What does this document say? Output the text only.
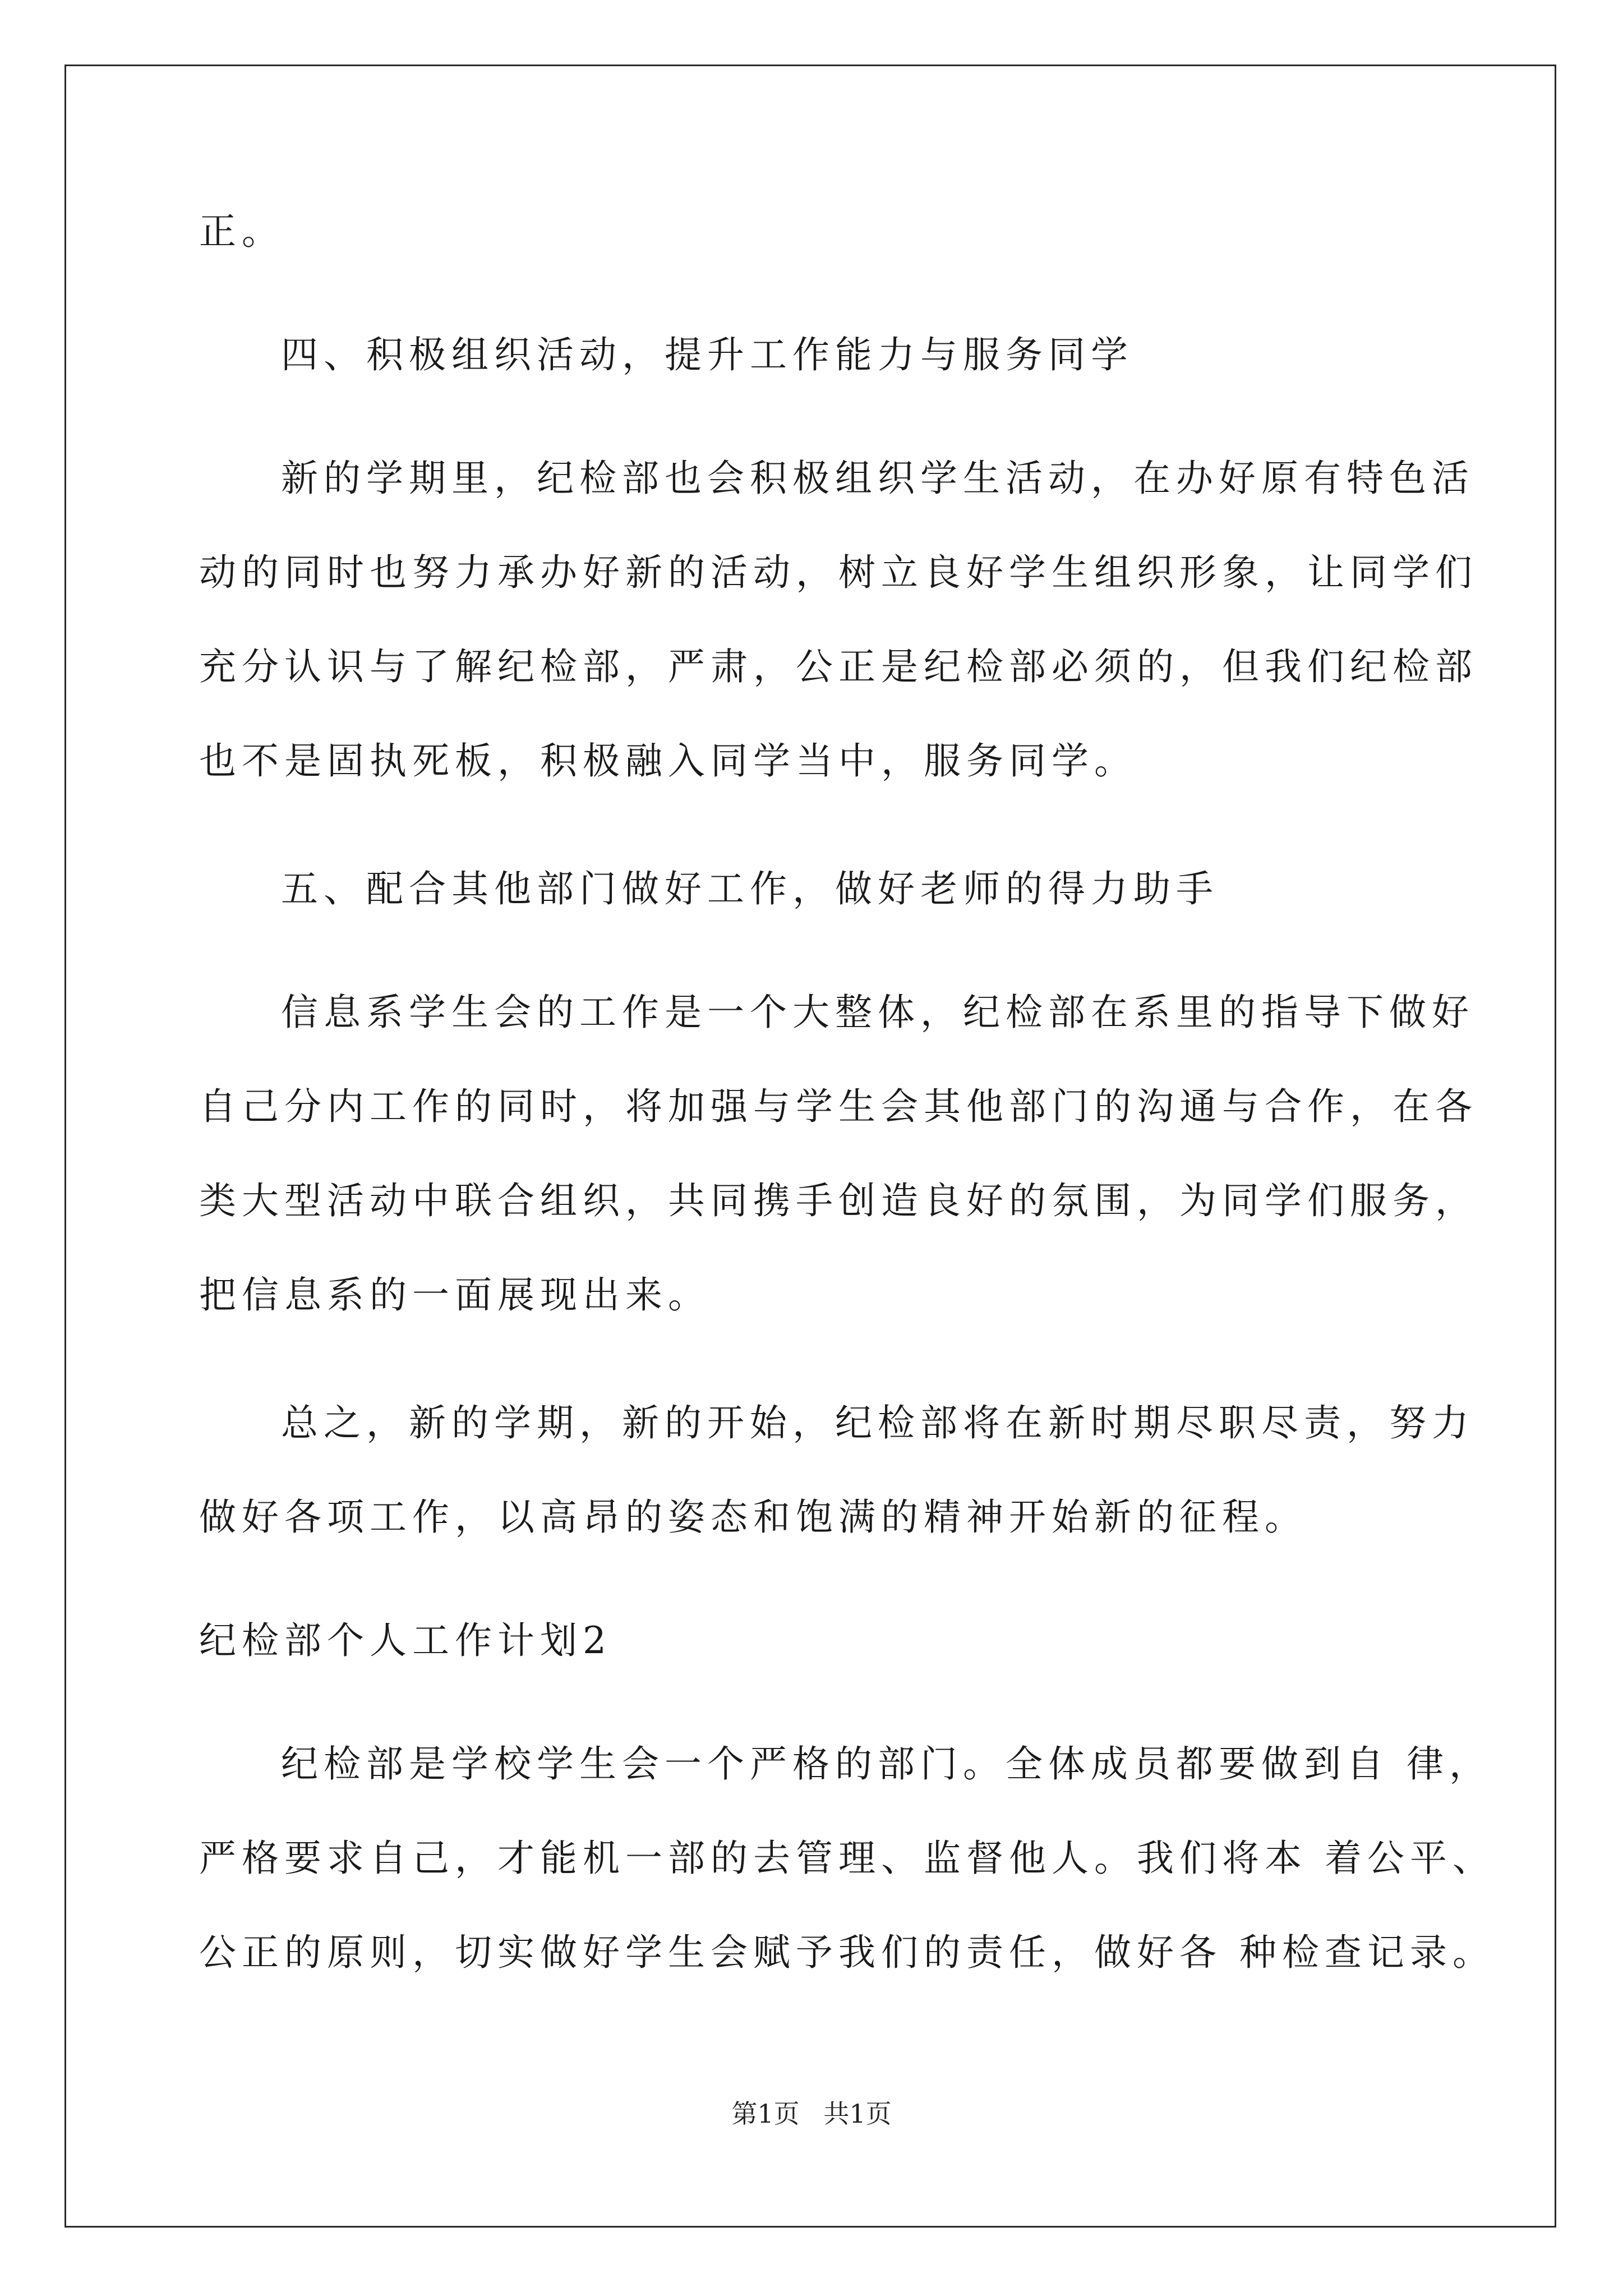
正。
四、积极组织活动，提升工作能力与服务同学
新的学期里，纪检部也会积极组织学生活动，在办好原有特色活
动的同时也努力承办好新的活动，树立良好学生组织形象，让同学们
充分认识与了解纪检部，严肃，公正是纪检部必须的，但我们纪检部
也不是固执死板，积极融入同学当中，服务同学。
五、配合其他部门做好工作，做好老师的得力助手
信息系学生会的工作是一个大整体，纪检部在系里的指导下做好
自己分内工作的同时，将加强与学生会其他部门的沟通与合作，在各
类大型活动中联合组织，共同携手创造良好的氛围，为同学们服务，
把信息系的一面展现出来。
总之，新的学期，新的开始，纪检部将在新时期尽职尽责，努力
做好各项工作，以高昂的姿态和饱满的精神开始新的征程。
纪检部个人工作计划2
纪检部是学校学生会一个严格的部门。全体成员都要做到自 律，
严格要求自己，才能机一部的去管理、监督他人。我们将本 着公平、
公正的原则，切实做好学生会赋予我们的责任，做好各 种检查记录。
第1页 共1页
